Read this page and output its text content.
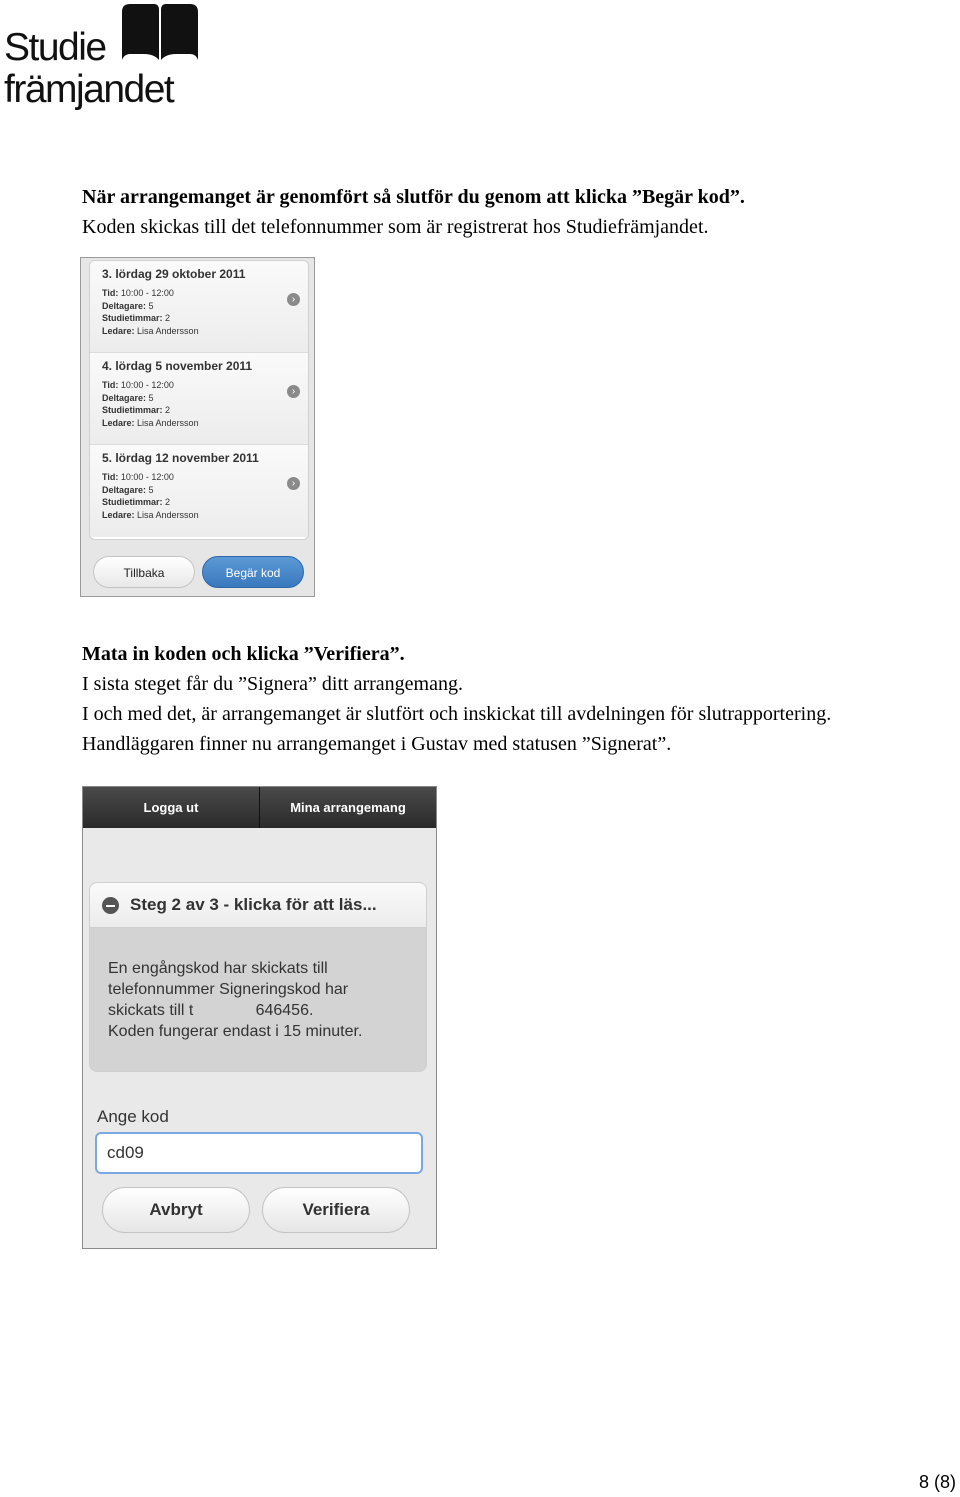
Studie
främjandet
När arrangemanget är genomfört så slutför du genom att klicka ”Begär kod”.
Koden skickas till det telefonnummer som är registrerat hos Studiefrämjandet.
3. lördag 29 oktober 2011
Tid: 10:00 - 12:00
Deltagare: 5
Studietimmar: 2
Ledare: Lisa Andersson
›
4. lördag 5 november 2011
Tid: 10:00 - 12:00
Deltagare: 5
Studietimmar: 2
Ledare: Lisa Andersson
›
5. lördag 12 november 2011
Tid: 10:00 - 12:00
Deltagare: 5
Studietimmar: 2
Ledare: Lisa Andersson
›
Tillbaka	Begär kod
Mata in koden och klicka ”Verifiera”.
I sista steget får du ”Signera” ditt arrangemang.
I och med det, är arrangemanget är slutfört och inskickat till avdelningen för slutrapportering.
Handläggaren finner nu arrangemanget i Gustav med statusen ”Signerat”.
Logga ut	Mina arrangemang
Steg 2 av 3 - klicka för att läs...
En engångskod har skickats till
telefonnummer Signeringskod har
skickats till t              646456.
Koden fungerar endast i 15 minuter.
Ange kod
cd09
Avbryt	Verifiera
8 (8)
